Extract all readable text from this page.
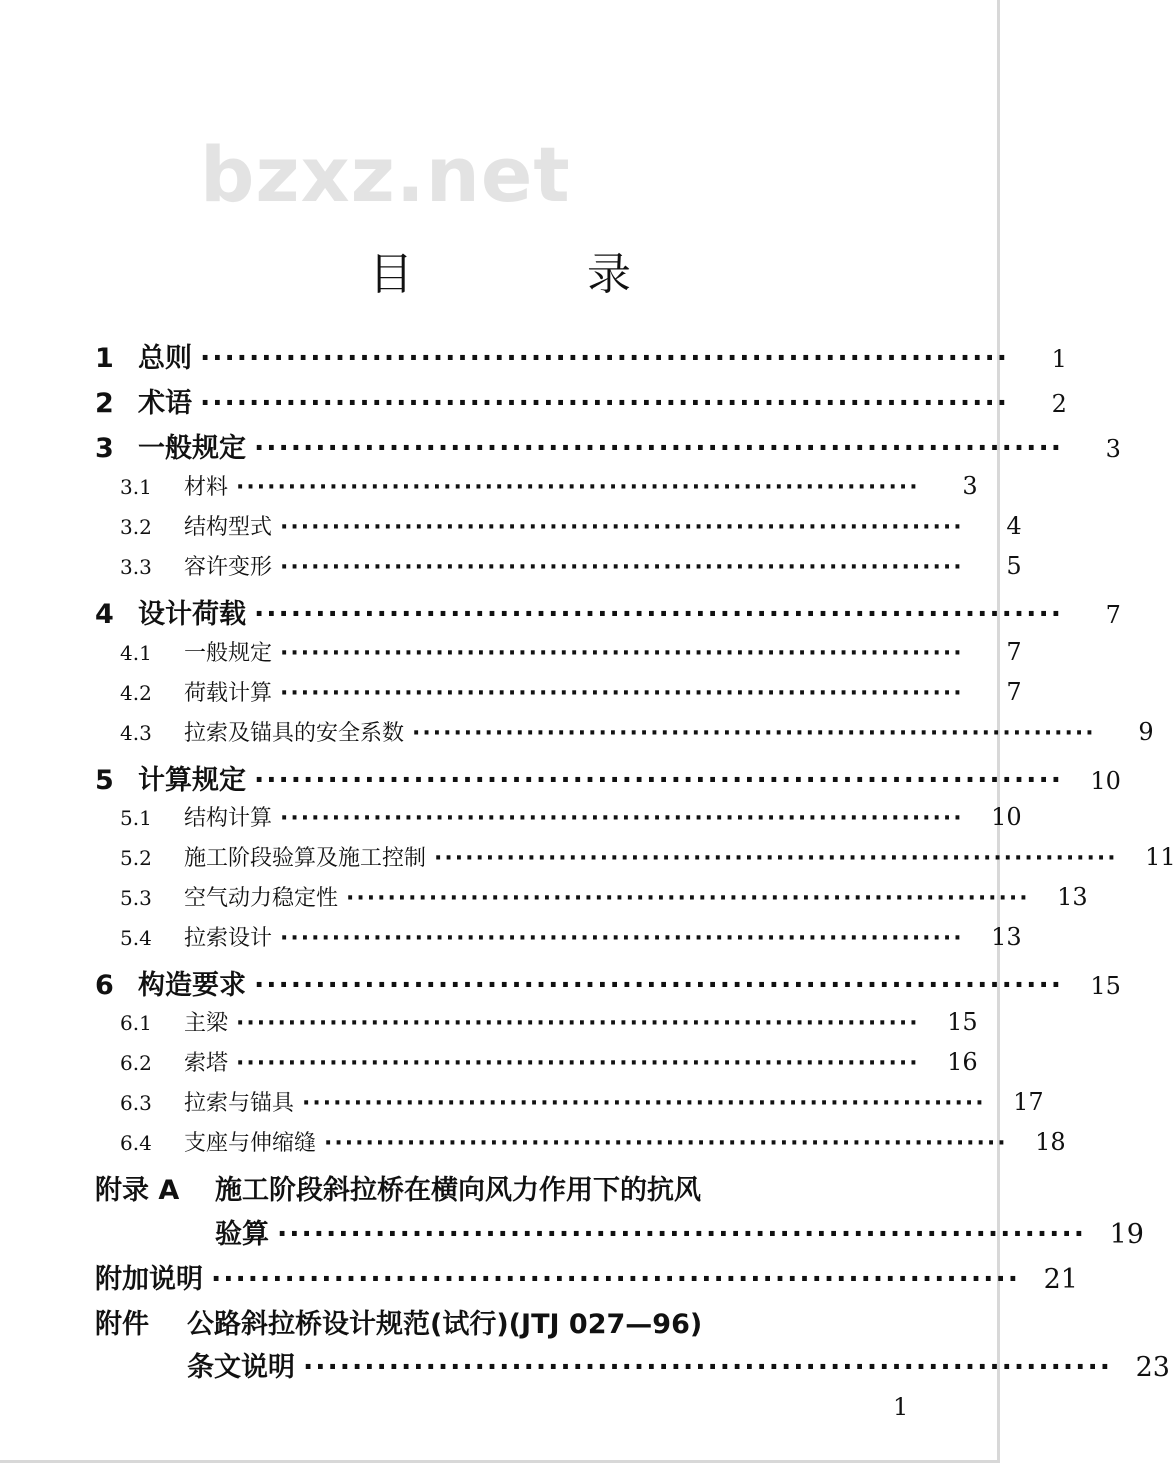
bzxz.net
目 录
1 总则 ··································································	1
2 术语 ··································································	2
3 一般规定 ··································································	3
3.1	材料 ··································································	3
3.2	结构型式 ··································································	4
3.3	容许变形 ··································································	5
4 设计荷载 ··································································	7
4.1	一般规定 ··································································	7
4.2	荷载计算 ··································································	7
4.3	拉索及锚具的安全系数 ··································································	9
5 计算规定 ··································································	10
5.1	结构计算 ··································································	10
5.2	施工阶段验算及施工控制 ··································································	11
5.3	空气动力稳定性 ··································································	13
5.4	拉索设计 ··································································	13
6 构造要求 ··································································	15
6.1	主梁 ··································································	15
6.2	索塔 ··································································	16
6.3	拉索与锚具 ··································································	17
6.4	支座与伸缩缝 ··································································	18
附录 A	施工阶段斜拉桥在横向风力作用下的抗风
验算 ·································································· 19
附加说明 ·································································· 21
附件	公路斜拉桥设计规范(试行)(JTJ 027—96)
条文说明 ·································································· 23
1
